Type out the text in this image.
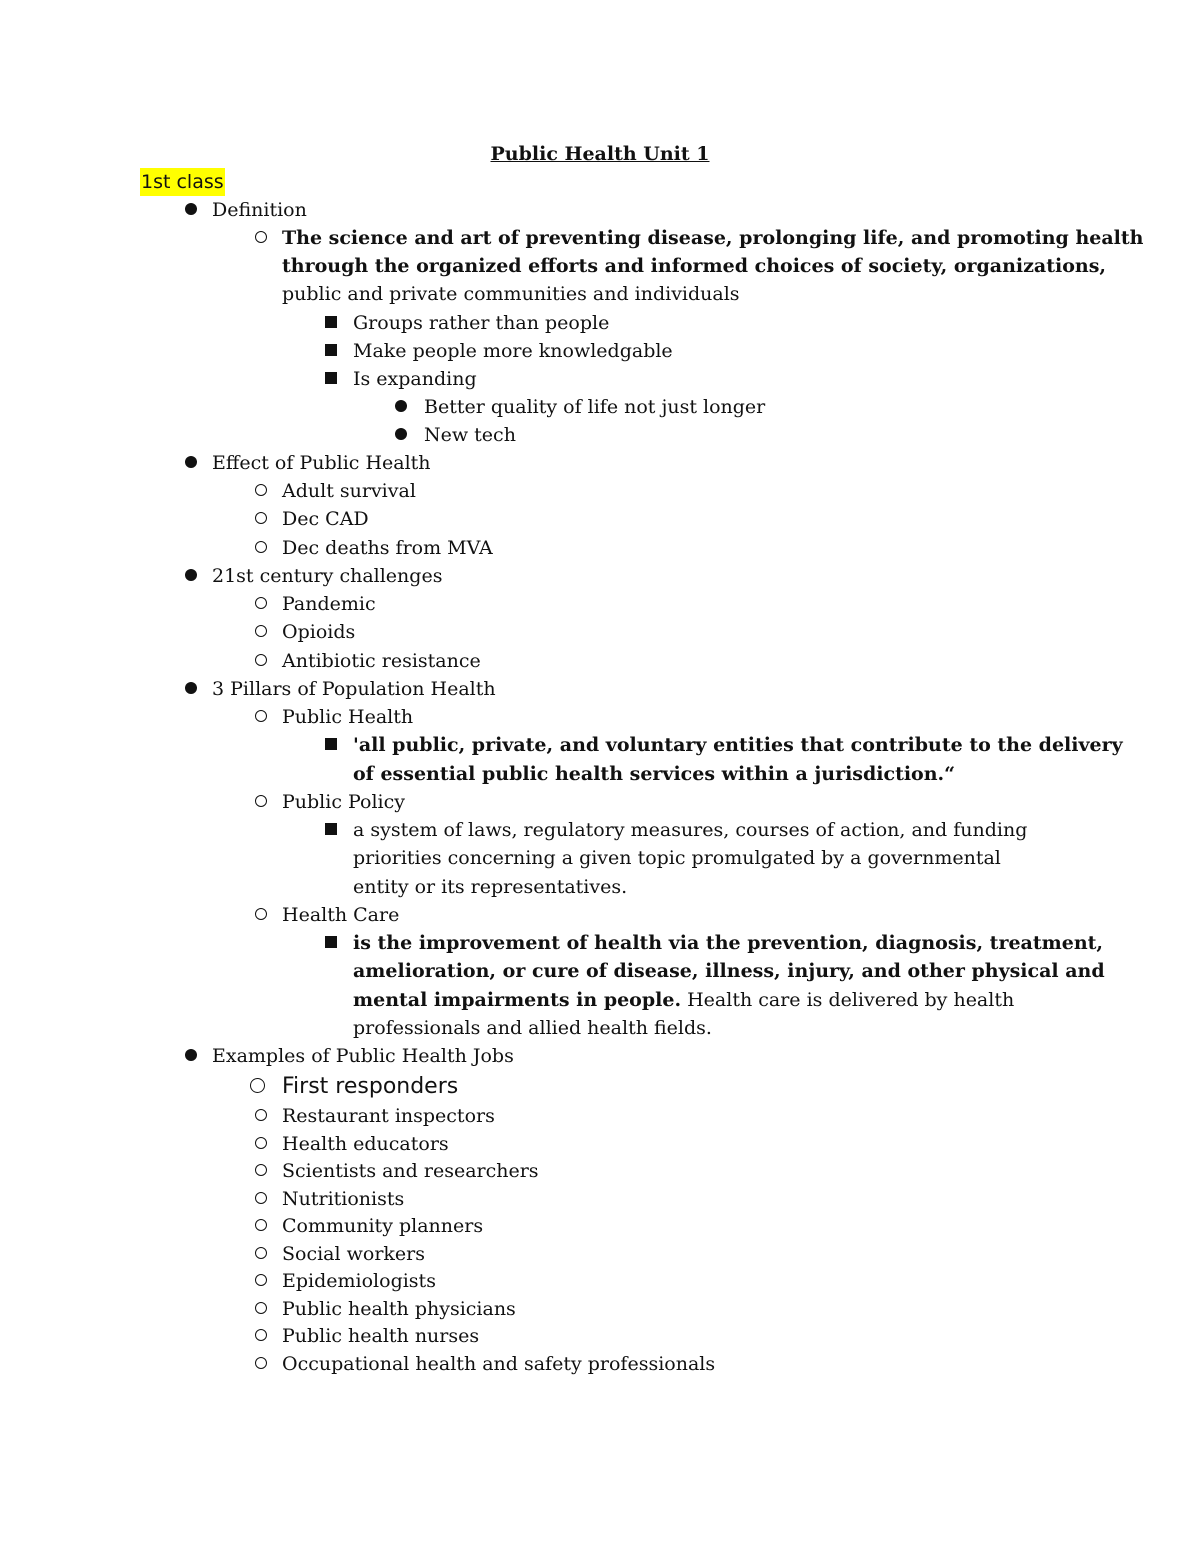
Public Health Unit 1
1st class
Definition
The science and art of preventing disease, prolonging life, and promoting health
through the organized efforts and informed choices of society, organizations,
public and private communities and individuals
Groups rather than people
Make people more knowledgable
Is expanding
Better quality of life not just longer
New tech
Effect of Public Health
Adult survival
Dec CAD
Dec deaths from MVA
21st century challenges
Pandemic
Opioids
Antibiotic resistance
3 Pillars of Population Health
Public Health
'all public, private, and voluntary entities that contribute to the delivery
of essential public health services within a jurisdiction.“
Public Policy
a system of laws, regulatory measures, courses of action, and funding
priorities concerning a given topic promulgated by a governmental
entity or its representatives.
Health Care
is the improvement of health via the prevention, diagnosis, treatment,
amelioration, or cure of disease, illness, injury, and other physical and
mental impairments in people. Health care is delivered by health
professionals and allied health fields.
Examples of Public Health Jobs
First responders
Restaurant inspectors
Health educators
Scientists and researchers
Nutritionists
Community planners
Social workers
Epidemiologists
Public health physicians
Public health nurses
Occupational health and safety professionals
